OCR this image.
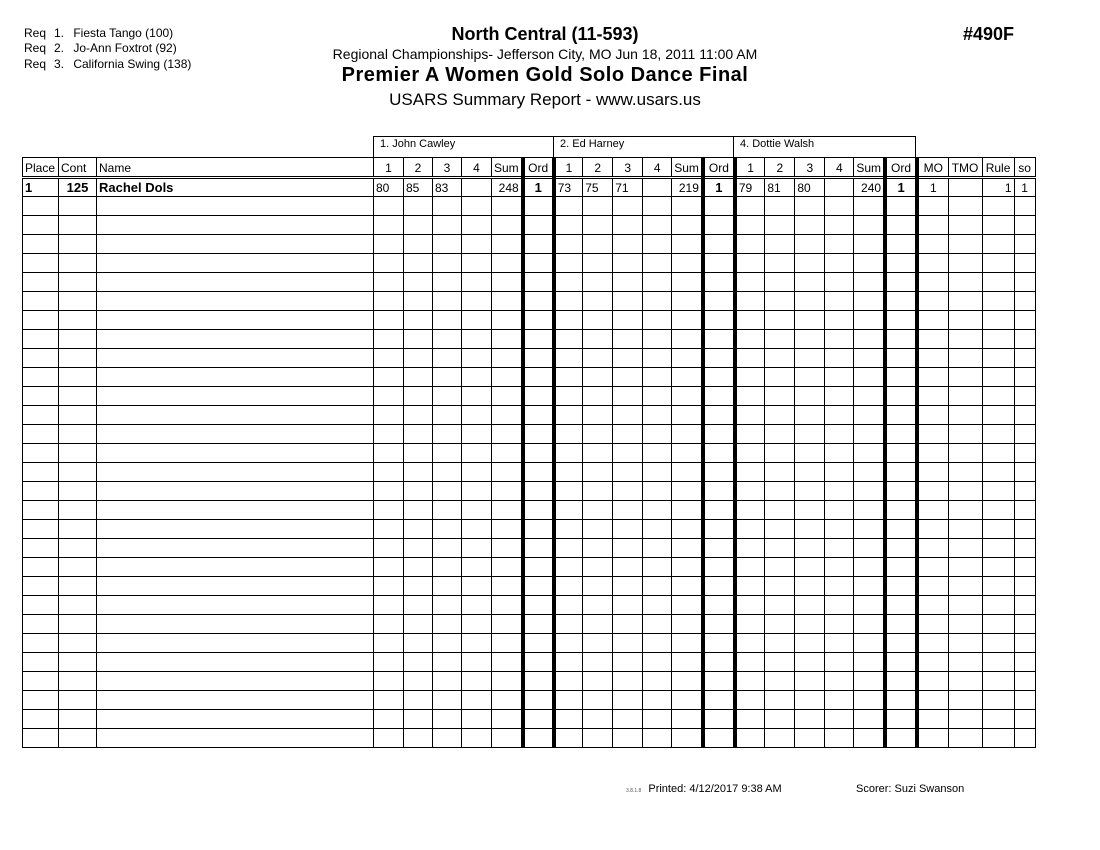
Req 1. Fiesta Tango (100)
Req 2. Jo-Ann Foxtrot (92)
Req 3. California Swing (138)
North Central (11-593)
Regional Championships- Jefferson City, MO Jun 18, 2011 11:00 AM
Premier A Women Gold Solo Dance Final
USARS Summary Report - www.usars.us
#490F
1. John Cawley	2. Ed Harney	4. Dottie Walsh
Place	Cont	Name	1	2	3	4	Sum	Ord	1	2	3	4	Sum	Ord	1	2	3	4	Sum	Ord	MO	TMO	Rule	so
1	125	Rachel Dols	80	85	83		248	1	73	75	71		219	1	79	81	80		240	1	1		1	1

3.8.1.8 Printed: 4/12/2017 9:38 AM	Scorer: Suzi Swanson
